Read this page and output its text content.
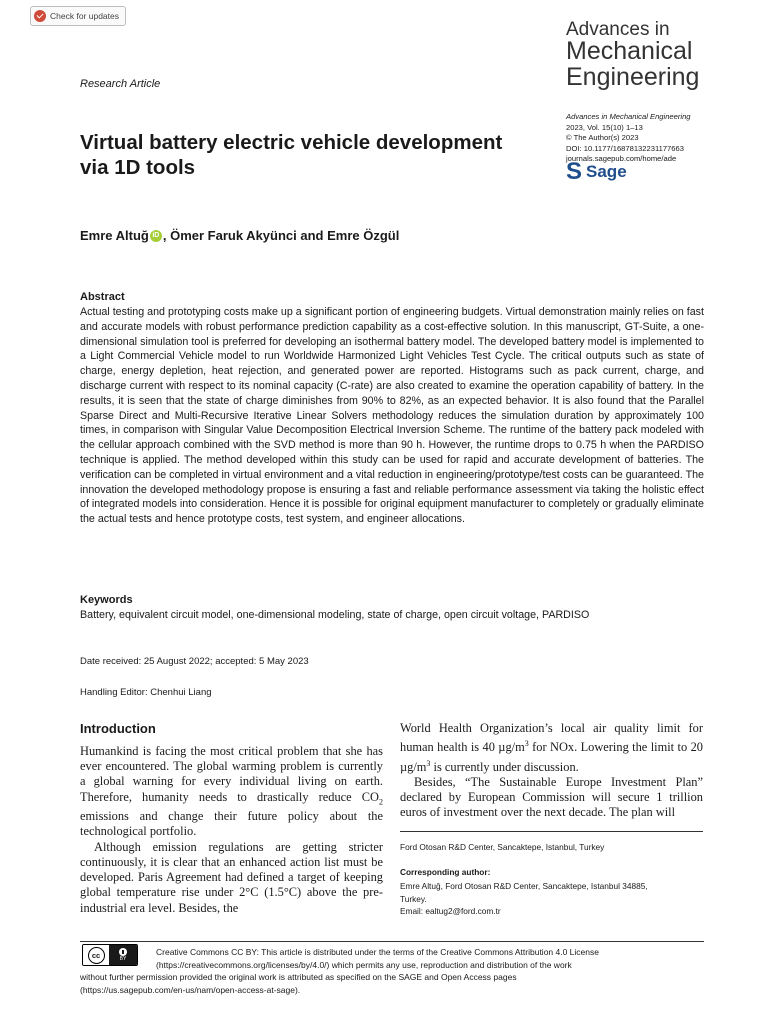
Check for updates
Advances in
Mechanical
Engineering
Research Article
Advances in Mechanical Engineering
2023, Vol. 15(10) 1–13
© The Author(s) 2023
DOI: 10.1177/16878132231177663
journals.sagepub.com/home/ade
S Sage
Virtual battery electric vehicle development via 1D tools
Emre Altuğ iD , Ömer Faruk Akyünci and Emre Özgül
Abstract
Actual testing and prototyping costs make up a significant portion of engineering budgets. Virtual demonstration mainly relies on fast and accurate models with robust performance prediction capability as a cost-effective solution. In this manuscript, GT-Suite, a one-dimensional simulation tool is preferred for developing an isothermal battery model. The developed battery model is implemented to a Light Commercial Vehicle model to run Worldwide Harmonized Light Vehicles Test Cycle. The critical outputs such as state of charge, energy depletion, heat rejection, and generated power are reported. Histograms such as pack current, charge, and discharge current with respect to its nominal capacity (C-rate) are also created to examine the operation capability of battery. In the results, it is seen that the state of charge diminishes from 90% to 82%, as an expected behavior. It is also found that the Parallel Sparse Direct and Multi-Recursive Iterative Linear Solvers methodology reduces the simulation duration by approximately 100 times, in comparison with Singular Value Decomposition Electrical Inversion Scheme. The runtime of the battery pack modeled with the cellular approach combined with the SVD method is more than 90 h. However, the runtime drops to 0.75 h when the PARDISO technique is applied. The method developed within this study can be used for rapid and accurate development of batteries. The verification can be completed in virtual environment and a vital reduction in engineering/prototype/test costs can be guaranteed. The innovation the developed methodology propose is ensuring a fast and reliable performance assessment via taking the holistic effect of integrated models into consideration. Hence it is possible for original equipment manufacturer to completely or gradually eliminate the actual tests and hence prototype costs, test system, and engineer allocations.
Keywords
Battery, equivalent circuit model, one-dimensional modeling, state of charge, open circuit voltage, PARDISO
Date received: 25 August 2022; accepted: 5 May 2023
Handling Editor: Chenhui Liang
Introduction

Humankind is facing the most critical problem that she has ever encountered. The global warming problem is currently a global warning for every individual living on earth. Therefore, humanity needs to drastically reduce $CO_2$ emissions and change their future policy about the technological portfolio.

Although emission regulations are getting stricter continuously, it is clear that an enhanced action list must be developed. Paris Agreement had defined a target of keeping global temperature rise under 2°C (1.5°C) above the pre-industrial era level. Besides, the

World Health Organization’s local air quality limit for human health is 40 $\mu g/m^3$ for NOx. Lowering the limit to 20 $\mu g/m^3$ is currently under discussion.

Besides, “The Sustainable Europe Investment Plan” declared by European Commission will secure 1 trillion euros of investment over the next decade. The plan will

Ford Otosan R&D Center, Sancaktepe, Istanbul, Turkey
Corresponding author:
Emre Altuğ, Ford Otosan R&D Center, Sancaktepe, Istanbul 34885,
Turkey.
Email: ealtug2@ford.com.tr
cc	BY
Creative Commons CC BY: This article is distributed under the terms of the Creative Commons Attribution 4.0 License
(https://creativecommons.org/licenses/by/4.0/) which permits any use, reproduction and distribution of the work
without further permission provided the original work is attributed as specified on the SAGE and Open Access pages
(https://us.sagepub.com/en-us/nam/open-access-at-sage).
